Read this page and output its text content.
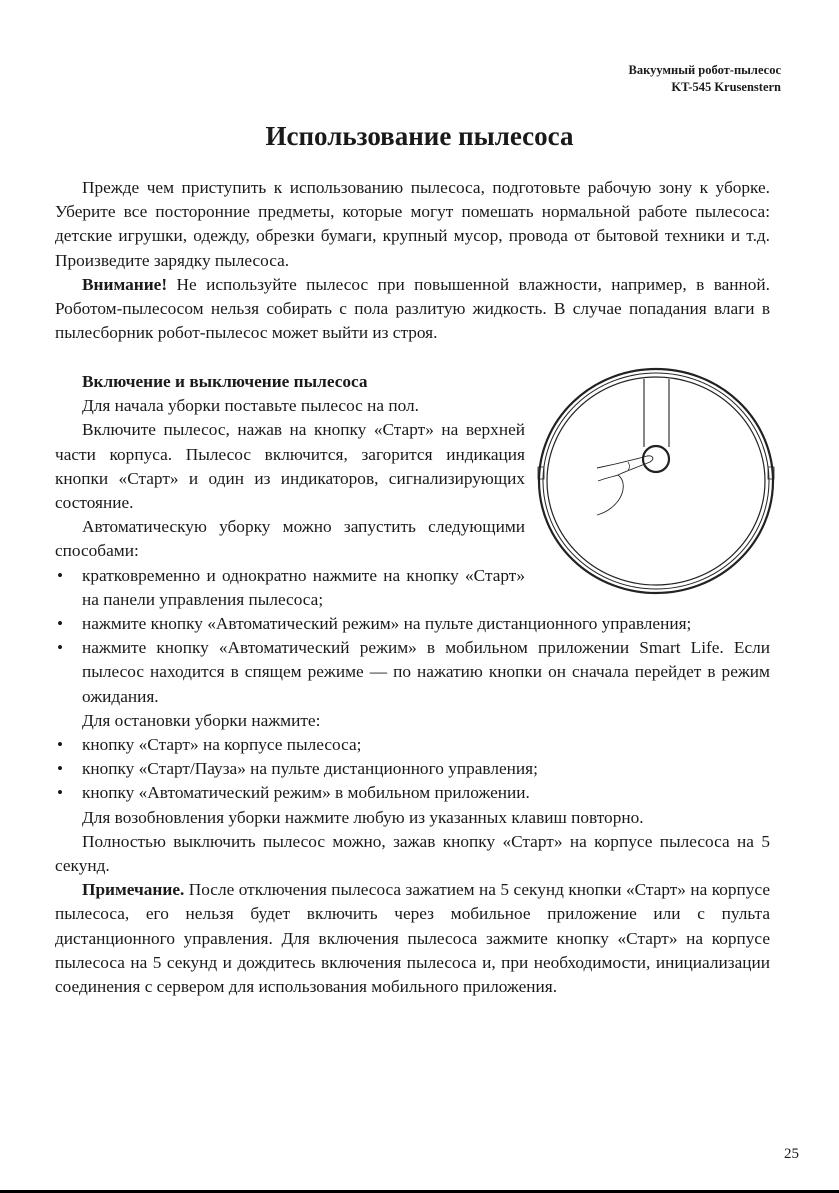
Вакуумный робот-пылесос
KT-545 Krusenstern
Использование пылесоса

Прежде чем приступить к использованию пылесоса, подготовьте рабочую зону к уборке. Уберите все посторонние предметы, которые могут помешать нормальной работе пылесоса: детские игрушки, одежду, обрезки бумаги, крупный мусор, провода от бытовой техники и т.д. Произведите зарядку пылесоса.

Внимание! Не используйте пылесос при повышенной влажности, например, в ванной. Роботом-пылесосом нельзя собирать с пола разлитую жидкость. В случае попадания влаги в пылесборник робот-пылесос может выйти из строя.

Включение и выключение пылесоса

Для начала уборки поставьте пылесос на пол.

Включите пылесос, нажав на кнопку «Старт» на верхней части корпуса. Пылесос включится, загорится индикация кнопки «Старт» и один из индикаторов, сигнализирующих состояние.

Автоматическую уборку можно запустить следующими способами:

• кратковременно и однократно нажмите на кнопку «Старт» на панели управления пылесоса;

• нажмите кнопку «Автоматический режим» на пульте дистанционного управления;

• нажмите кнопку «Автоматический режим» в мобильном приложении Smart Life. Если пылесос находится в спящем режиме — по нажатию кнопки он сначала перейдет в режим ожидания.

Для остановки уборки нажмите:

• кнопку «Старт» на корпусе пылесоса;

• кнопку «Старт/Пауза» на пульте дистанционного управления;

• кнопку «Автоматический режим» в мобильном приложении.

Для возобновления уборки нажмите любую из указанных клавиш повторно.

Полностью выключить пылесос можно, зажав кнопку «Старт» на корпусе пылесоса на 5 секунд.

Примечание. После отключения пылесоса зажатием на 5 секунд кнопки «Старт» на корпусе пылесоса, его нельзя будет включить через мобильное приложение или с пульта дистанционного управления. Для включения пылесоса зажмите кнопку «Старт» на корпусе пылесоса на 5 секунд и дождитесь включения пылесоса и, при необходимости, инициализации соединения с сервером для использования мобильного приложения.

25
